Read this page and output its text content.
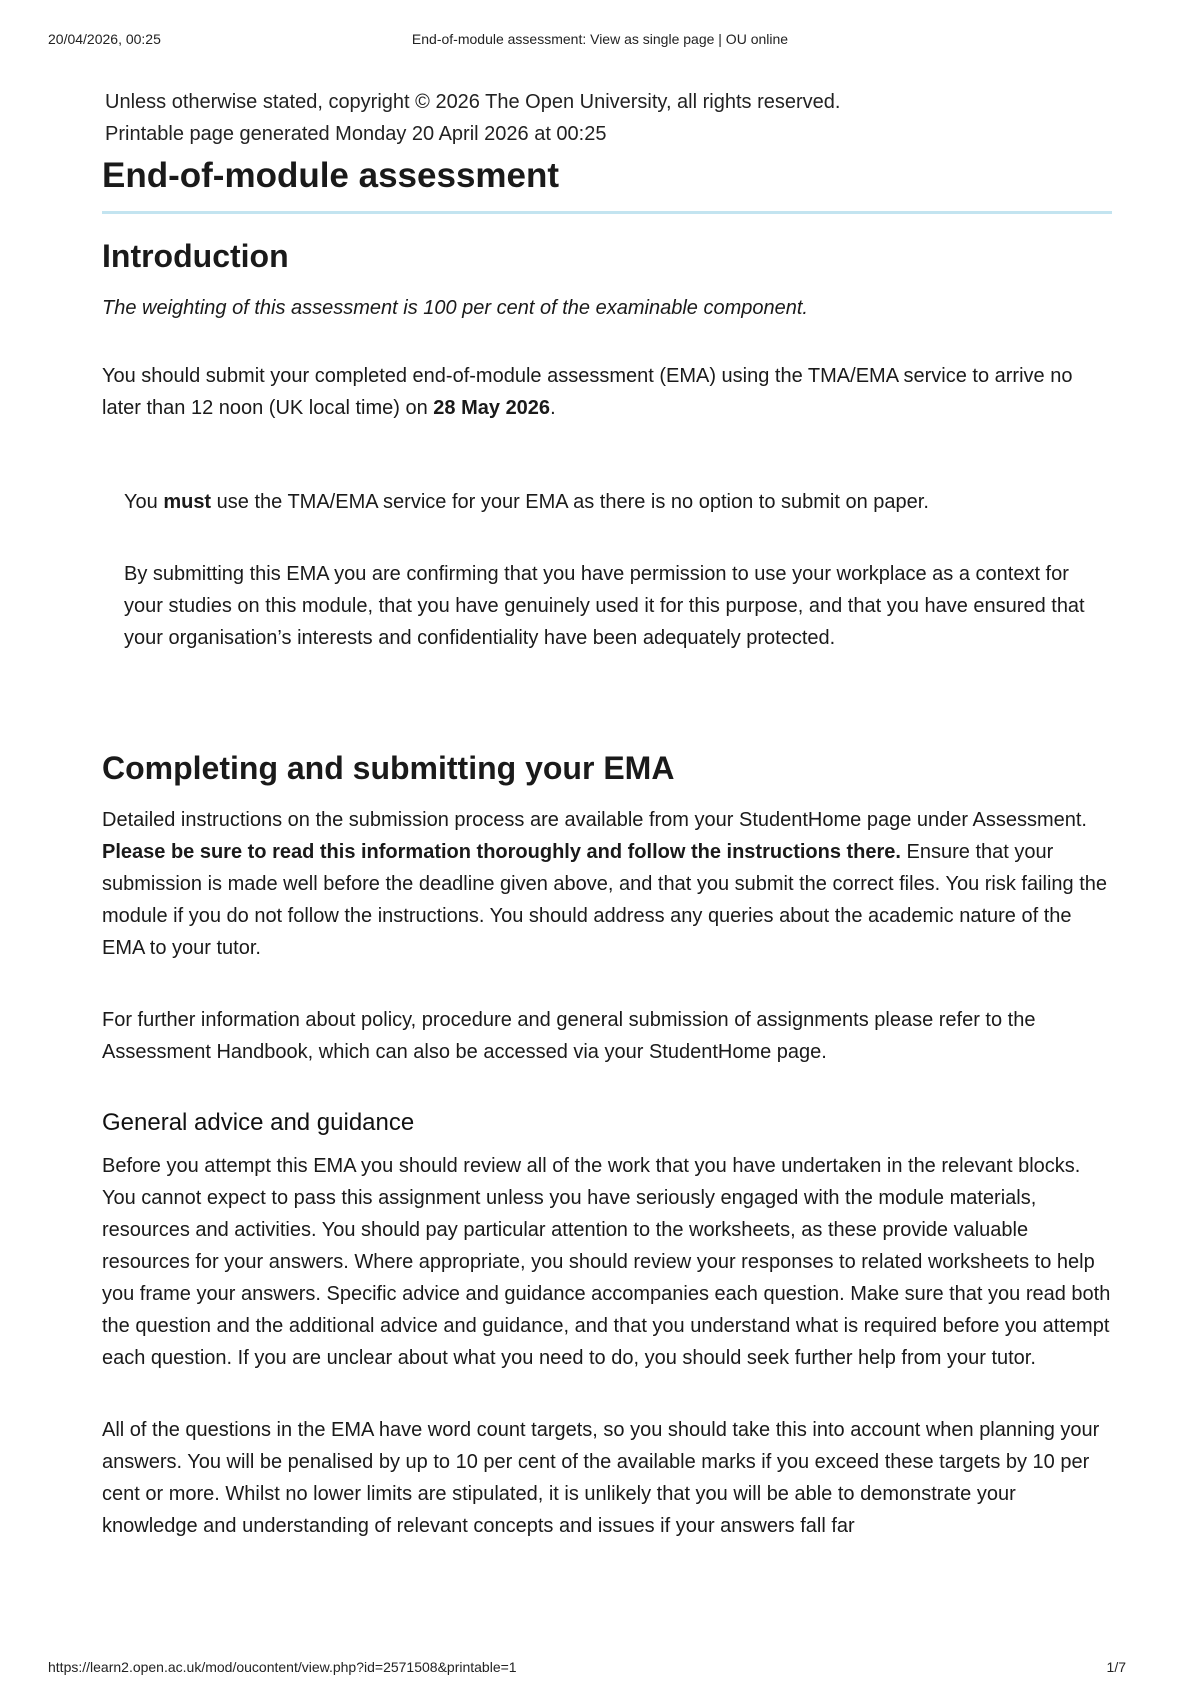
20/04/2026, 00:25	End-of-module assessment: View as single page | OU online

Unless otherwise stated, copyright © 2026 The Open University, all rights reserved.

Printable page generated Monday 20 April 2026 at 00:25

End-of-module assessment
Introduction

The weighting of this assessment is 100 per cent of the examinable component.

You should submit your completed end-of-module assessment (EMA) using the TMA/EMA service to arrive no later than 12 noon (UK local time) on 28 May 2026.

You must use the TMA/EMA service for your EMA as there is no option to submit on paper.

By submitting this EMA you are confirming that you have permission to use your workplace as a context for your studies on this module, that you have genuinely used it for this purpose, and that you have ensured that your organisation’s interests and confidentiality have been adequately protected.

Completing and submitting your EMA

Detailed instructions on the submission process are available from your StudentHome page under Assessment. Please be sure to read this information thoroughly and follow the instructions there. Ensure that your submission is made well before the deadline given above, and that you submit the correct files. You risk failing the module if you do not follow the instructions. You should address any queries about the academic nature of the EMA to your tutor.

For further information about policy, procedure and general submission of assignments please refer to the Assessment Handbook, which can also be accessed via your StudentHome page.

General advice and guidance

Before you attempt this EMA you should review all of the work that you have undertaken in the relevant blocks. You cannot expect to pass this assignment unless you have seriously engaged with the module materials, resources and activities. You should pay particular attention to the worksheets, as these provide valuable resources for your answers. Where appropriate, you should review your responses to related worksheets to help you frame your answers. Specific advice and guidance accompanies each question. Make sure that you read both the question and the additional advice and guidance, and that you understand what is required before you attempt each question. If you are unclear about what you need to do, you should seek further help from your tutor.

All of the questions in the EMA have word count targets, so you should take this into account when planning your answers. You will be penalised by up to 10 per cent of the available marks if you exceed these targets by 10 per cent or more. Whilst no lower limits are stipulated, it is unlikely that you will be able to demonstrate your knowledge and understanding of relevant concepts and issues if your answers fall far

https://learn2.open.ac.uk/mod/oucontent/view.php?id=2571508&printable=1	1/7
